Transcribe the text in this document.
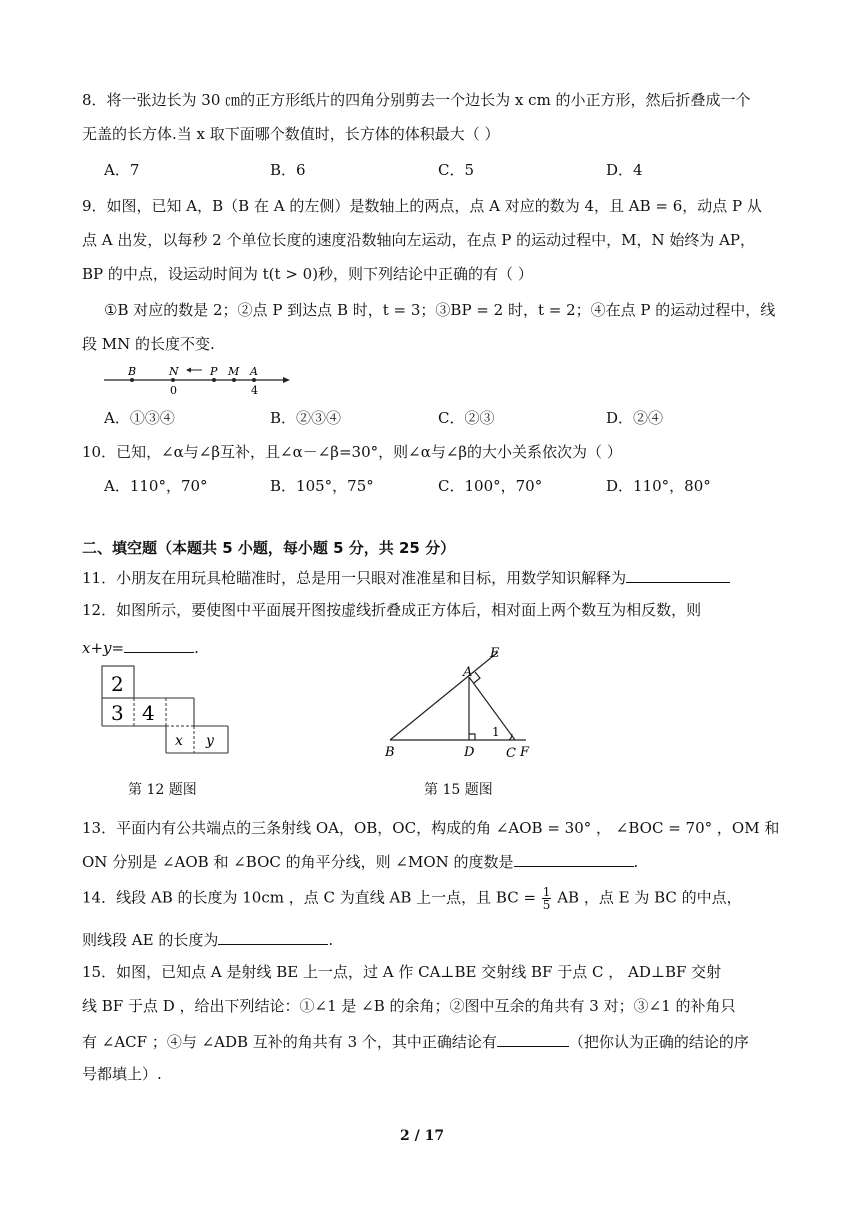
8．将一张边长为 30 ㎝的正方形纸片的四角分别剪去一个边长为 x cm 的小正方形，然后折叠成一个
无盖的长方体.当 x 取下面哪个数值时，长方体的体积最大（ ）
A．7	B．6	C．5	D．4
9．如图，已知 A，B（B 在 A 的左侧）是数轴上的两点，点 A 对应的数为 4，且 AB = 6，动点 P 从
点 A 出发，以每秒 2 个单位长度的速度沿数轴向左运动，在点 P 的运动过程中，M，N 始终为 AP，
BP 的中点，设运动时间为 t(t > 0)秒，则下列结论中正确的有（ ）
①B 对应的数是 2；②点 P 到达点 B 时，t = 3；③BP = 2 时，t = 2；④在点 P 的运动过程中，线
段 MN 的长度不变.
B	N	P M A
0	4
A．①③④	B．②③④	C．②③	D．②④
10．已知，∠α与∠β互补，且∠α－∠β=30°，则∠α与∠β的大小关系依次为（ ）
A．110°，70°	B．105°，75°	C．100°，70°	D．110°，80°
二、填空题（本题共 5 小题，每小题 5 分，共 25 分）
11．小朋友在用玩具枪瞄准时，总是用一只眼对准准星和目标，用数学知识解释为
12．如图所示，要使图中平面展开图按虚线折叠成正方体后，相对面上两个数互为相反数，则
x+y=	.
2
3 4
x y
第 12 题图
A
E
B	D C F
1
第 15 题图
13．平面内有公共端点的三条射线 OA，OB，OC，构成的角 ∠AOB = 30° ， ∠BOC = 70° ，OM 和
ON 分别是 ∠AOB 和 ∠BOC 的角平分线，则 ∠MON 的度数是	.
14．线段 AB 的长度为 10cm ，点 C 为直线 AB 上一点，且 BC = $\frac{1}{5}$ AB ，点 E 为 BC 的中点，
则线段 AE 的长度为	.
15．如图，已知点 A 是射线 BE 上一点，过 A 作 CA⊥BE 交射线 BF 于点 C ， AD⊥BF 交射
线 BF 于点 D ，给出下列结论：①∠1 是 ∠B 的余角；②图中互余的角共有 3 对；③∠1 的补角只
有 ∠ACF ；④与 ∠ADB 互补的角共有 3 个，其中正确结论有	（把你认为正确的结论的序
号都填上）.
2 / 17
